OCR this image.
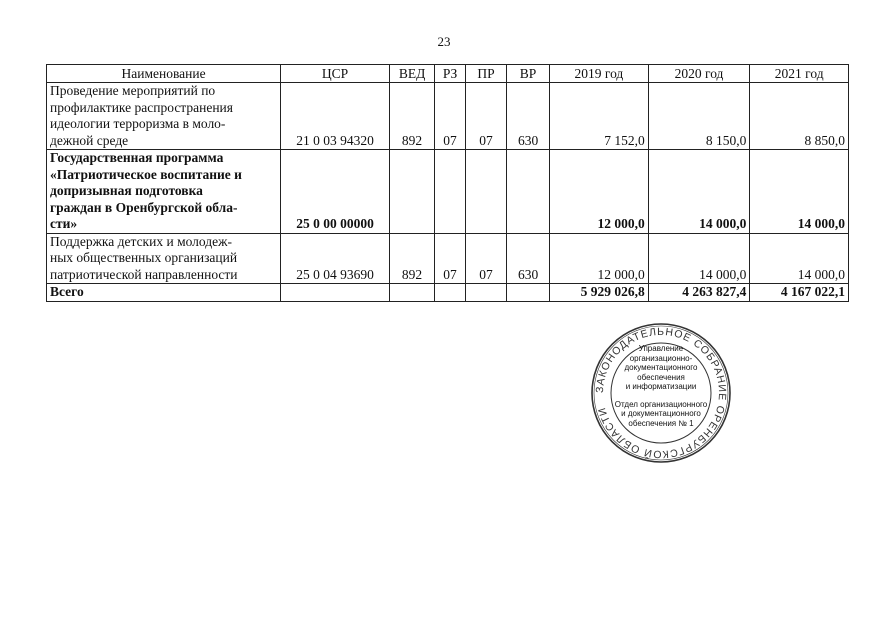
23
Наименование	ЦСР	ВЕД	РЗ	ПР	ВР	2019 год	2020 год	2021 год

Проведение мероприятий по
профилактике распространения
идеологии терроризма в моло-
дежной среде	21 0 03 94320	892	07	07	630	7 152,0	8 150,0	8 850,0

Государственная программа
«Патриотическое воспитание и
допризывная подготовка
граждан в Оренбургской обла-
сти»	25 0 00 00000					12 000,0	14 000,0	14 000,0

Поддержка детских и молодеж-
ных общественных организаций
патриотической направленности	25 0 04 93690	892	07	07	630	12 000,0	14 000,0	14 000,0

Всего						5 929 026,8	4 263 827,4	4 167 022,1
ЗАКОНОДАТЕЛЬНОЕ СОБРАНИЕ ОРЕНБУРГСКОЙ ОБЛАСТИ
Управление
организационно-
документационного
обеспечения
и информатизации
Отдел организационного
и документационного
обеспечения № 1
